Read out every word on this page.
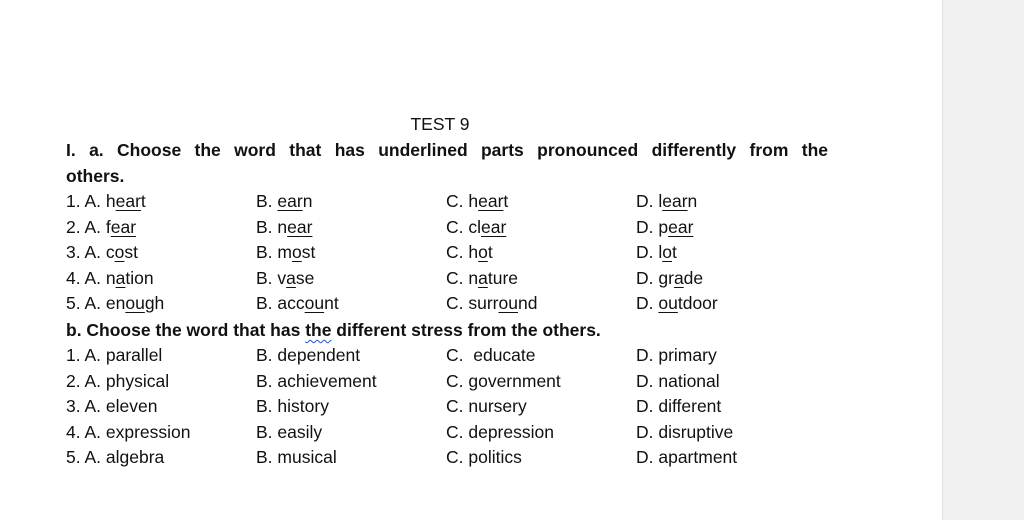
TEST 9
I. a. Choose the word that has underlined parts pronounced differently from the
others.
1. A. heart	B. earn	C. heart	D. learn
2. A. fear	B. near	C. clear	D. pear
3. A. cost	B. most	C. hot	D. lot
4. A. nation	B. vase	C. nature	D. grade
5. A. enough	B. account	C. surround	D. outdoor
b. Choose the word that has the different stress from the others.
1. A. parallel	B. dependent	C.  educate	D. primary
2. A. physical	B. achievement	C. government	D. national
3. A. eleven	B. history	C. nursery	D. different
4. A. expression	B. easily	C. depression	D. disruptive
5. A. algebra	B. musical	C. politics	D. apartment
